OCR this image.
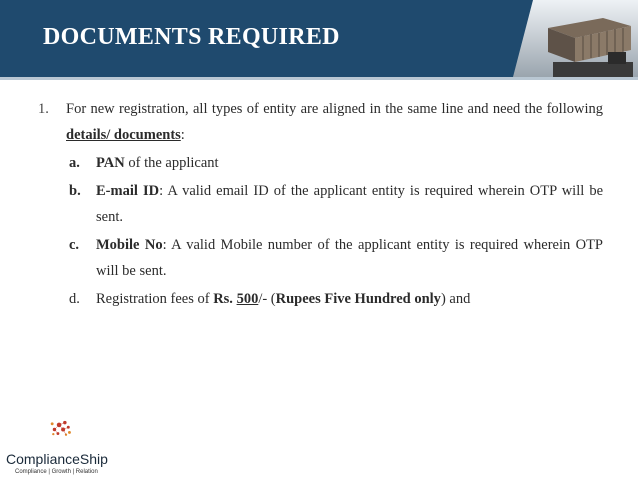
DOCUMENTS REQUIRED
1.	For new registration, all types of entity are aligned in the same line and need the following details/ documents:
a.	PAN of the applicant
b.	E-mail ID: A valid email ID of the applicant entity is required wherein OTP will be sent.
c.	Mobile No: A valid Mobile number of the applicant entity is required wherein OTP will be sent.
d.	Registration fees of Rs. 500/- (Rupees Five Hundred only) and
ComplianceShip
Compliance | Growth | Relation
